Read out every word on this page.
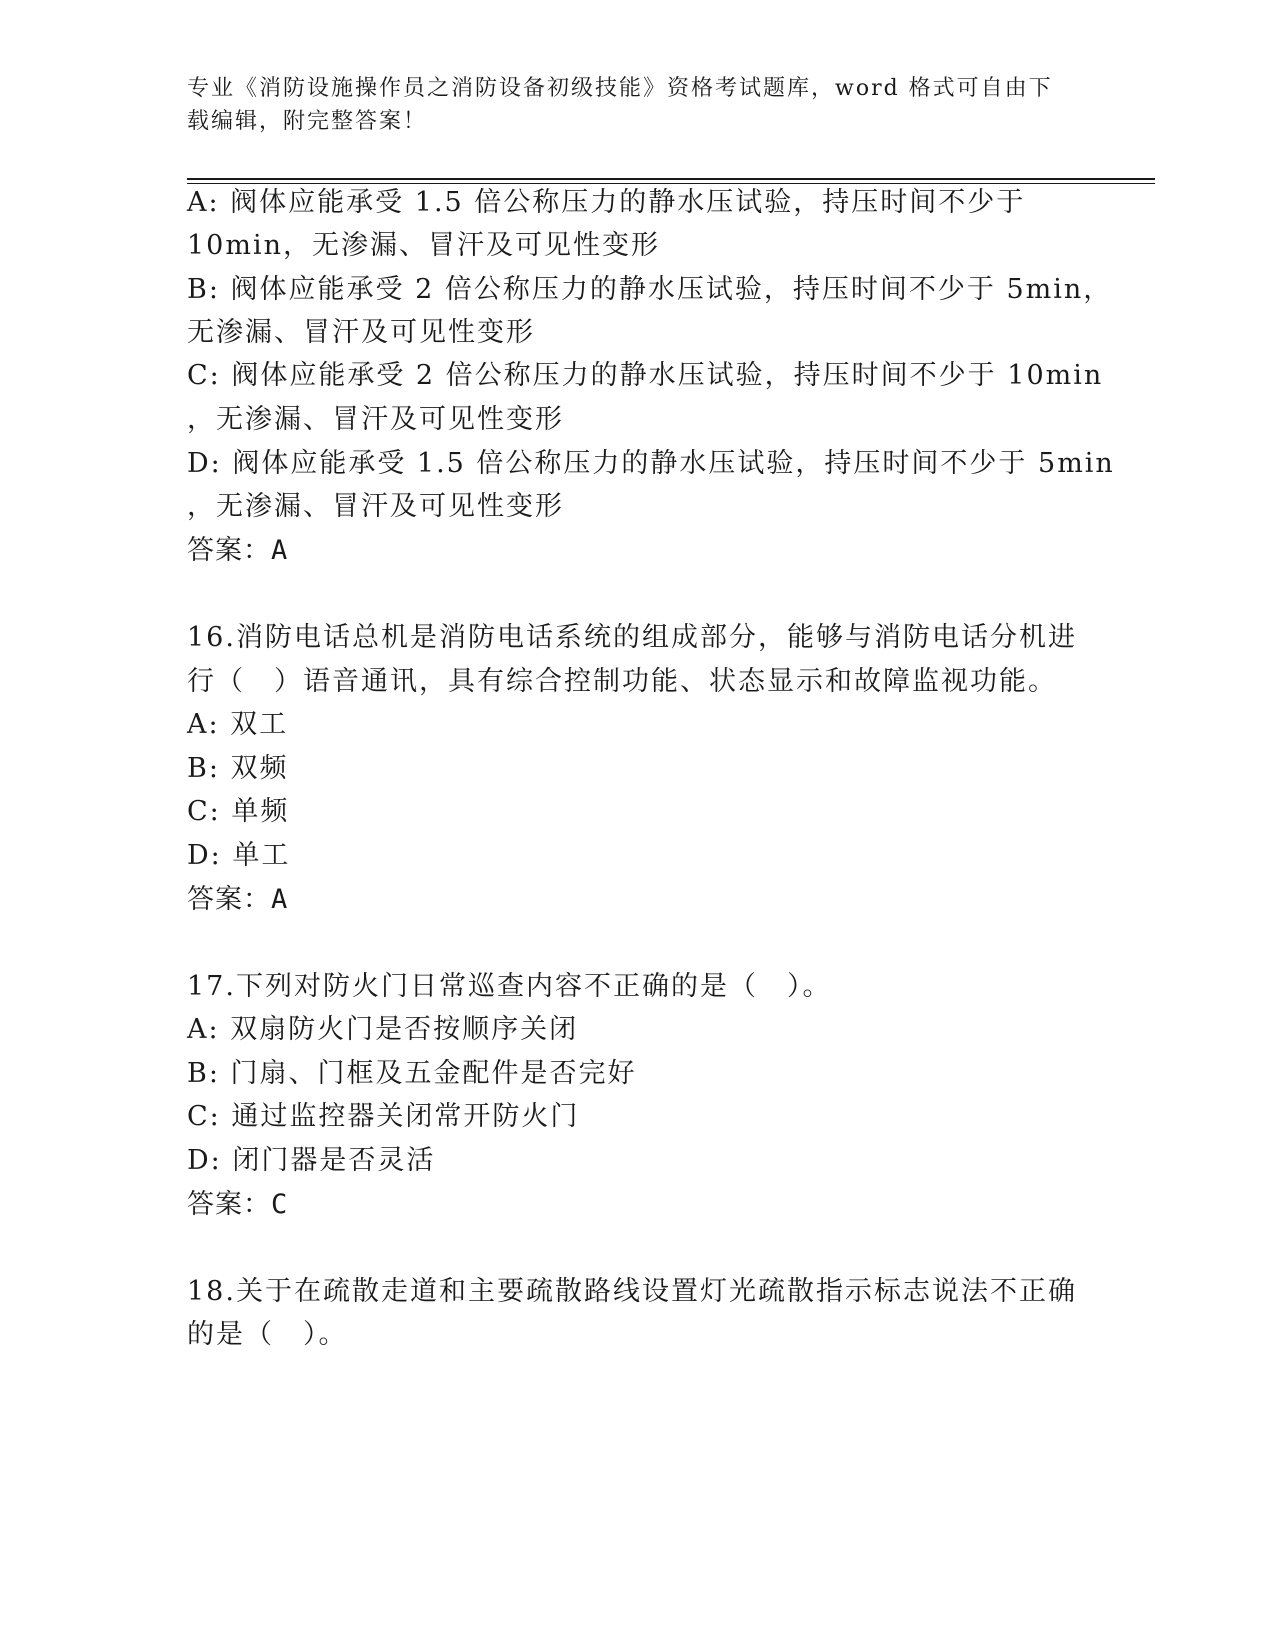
专业《消防设施操作员之消防设备初级技能》资格考试题库，word 格式可自由下
载编辑，附完整答案！
A: 阀体应能承受 1.5 倍公称压力的静水压试验，持压时间不少于
10min，无渗漏、冒汗及可见性变形
B: 阀体应能承受 2 倍公称压力的静水压试验，持压时间不少于 5min，
无渗漏、冒汗及可见性变形
C: 阀体应能承受 2 倍公称压力的静水压试验，持压时间不少于 10min
，无渗漏、冒汗及可见性变形
D: 阀体应能承受 1.5 倍公称压力的静水压试验，持压时间不少于 5min
，无渗漏、冒汗及可见性变形
答案：A
16.消防电话总机是消防电话系统的组成部分，能够与消防电话分机进
行（　）语音通讯，具有综合控制功能、状态显示和故障监视功能。
A: 双工
B: 双频
C: 单频
D: 单工
答案：A
17.下列对防火门日常巡查内容不正确的是（　）。
A: 双扇防火门是否按顺序关闭
B: 门扇、门框及五金配件是否完好
C: 通过监控器关闭常开防火门
D: 闭门器是否灵活
答案：C
18.关于在疏散走道和主要疏散路线设置灯光疏散指示标志说法不正确
的是（　）。
